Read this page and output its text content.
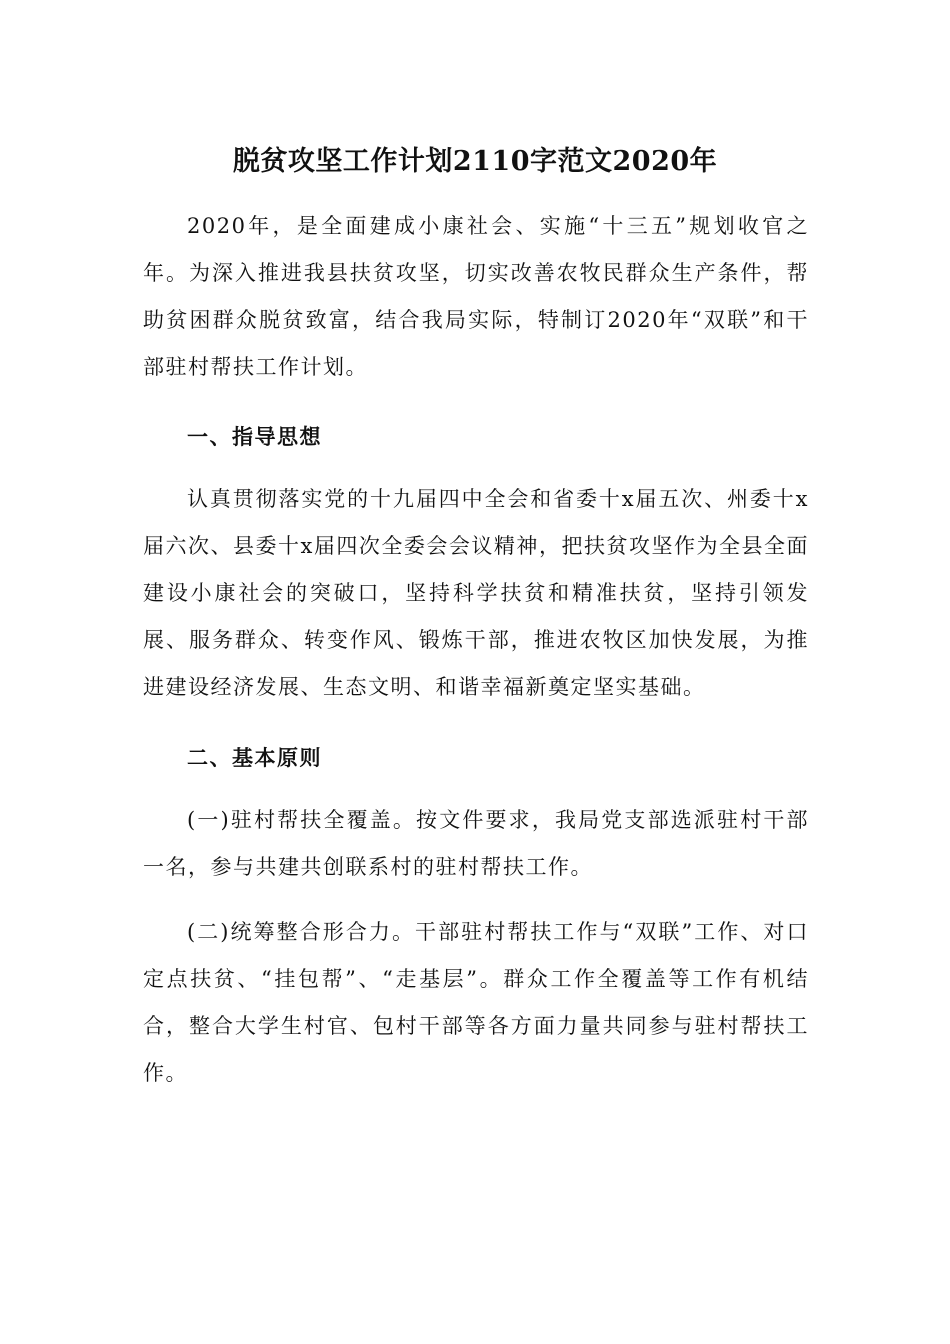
脱贫攻坚工作计划2110字范文2020年

2020年，是全面建成小康社会、实施“十三五”规划收官之年。为深入推进我县扶贫攻坚，切实改善农牧民群众生产条件，帮助贫困群众脱贫致富，结合我局实际，特制订2020年“双联”和干部驻村帮扶工作计划。

一、指导思想

认真贯彻落实党的十九届四中全会和省委十x届五次、州委十x届六次、县委十x届四次全委会会议精神，把扶贫攻坚作为全县全面建设小康社会的突破口，坚持科学扶贫和精准扶贫，坚持引领发展、服务群众、转变作风、锻炼干部，推进农牧区加快发展，为推进建设经济发展、生态文明、和谐幸福新奠定坚实基础。

二、基本原则

(一)驻村帮扶全覆盖。按文件要求，我局党支部选派驻村干部一名，参与共建共创联系村的驻村帮扶工作。

(二)统筹整合形合力。干部驻村帮扶工作与“双联”工作、对口定点扶贫、“挂包帮”、“走基层”。群众工作全覆盖等工作有机结合，整合大学生村官、包村干部等各方面力量共同参与驻村帮扶工作。
